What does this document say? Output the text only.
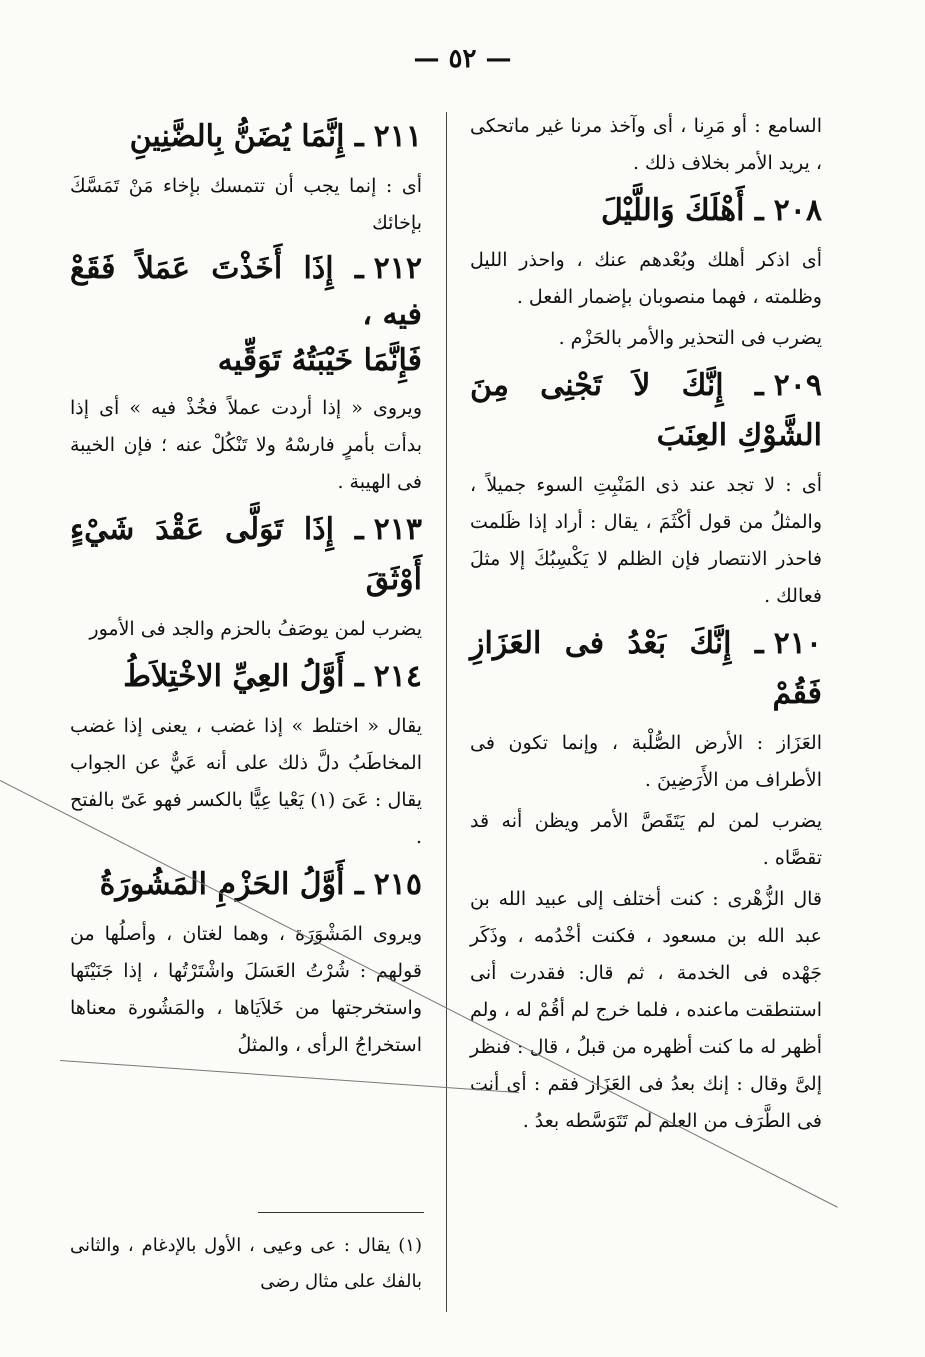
— ٥٢ —

السامع : أو مَرِنا ، أى وآخذ مرنا غير ماتحكى ، يريد الأمر بخلاف ذلك .

٢٠٨ـ أَهْلَكَ وَاللَّيْلَ

أى اذكر أهلك وبُعْدهم عنك ، واحذر الليل وظلمته ، فهما منصوبان بإضمار الفعل .

يضرب فى التحذير والأمر بالحَزْم .

٢٠٩ـ إِنَّكَ لاَ تَجْنِى مِنَ الشَّوْكِ العِنَبَ

أى : لا تجد عند ذى المَنْبِتِ السوء جميلاً ، والمثلُ من قول أكْثَمَ ، يقال : أراد إذا ظَلمت فاحذر الانتصار فإن الظلم لا يَكْسِبُكَ إلا مثلَ فعالك .

٢١٠ـ إِنَّكَ بَعْدُ فى العَزَازِ فَقُمْ

العَزَاز : الأرض الصُّلْبة ، وإنما تكون فى الأطراف من الأَرَضِينَ .

يضرب لمن لم يَتَقَصَّ الأمر ويظن أنه قد تقصَّاه .

قال الزُّهْرى : كنت أختلف إلى عبيد الله بن عبد الله بن مسعود ، فكنت أخْدُمه ، وذَكَر جَهْده فى الخدمة ، ثم قال: فقدرت أنى استنطقت ماعنده ، فلما خرج لم أقُمْ له ، ولم أظهر له ما كنت أظهره من قبلُ ، قال : فنظر إلىَّ وقال : إنك بعدُ فى العَزَاز فقم : أى أنت فى الطَّرَف من العلم لم تَتَوَسَّطه بعدُ .

٢١١ـ إِنَّمَا يُضَنُّ بِالضَّنِينِ

أى : إنما يجب أن تتمسك بإخاء مَنْ تَمَسَّكَ بإخائك

٢١٢ـ إِذَا أَخَذْتَ عَمَلاً فَقَعْ فيه ،
فَإِنَّمَا خَيْبَتُهُ تَوَقِّيه

ويروى « إذا أردت عملاً فخُذْ فيه » أى إذا بدأت بأمرٍ فارسْهُ ولا تَنْكُلْ عنه ؛ فإن الخيبة فى الهيبة .

٢١٣ـ إِذَا تَوَلَّى عَقْدَ شَيْءٍ أَوْثَقَ

يضرب لمن يوصَفُ بالحزم والجد فى الأمور

٢١٤ـ أَوَّلُ العِيِّ الاخْتِلاَطُ

يقال « اختلط » إذا غضب ، يعنى إذا غضب المخاطَبُ دلَّ ذلك على أنه عَيٌّ عن الجواب يقال : عَىَ (١) يَعْيا عِيًّا بالكسر فهو عَىّ بالفتح .

٢١٥ـ أَوَّلُ الحَزْمِ المَشُورَةُ

ويروى المَشْوَرَة ، وهما لغتان ، وأصلُها من قولهم : شُرْتُ العَسَلَ واشْتَرْتُها ، إذا جَنَيْتَها واستخرجتها من خَلاَيَاها ، والمَشُورة معناها استخراجُ الرأى ، والمثلُ

(١) يقال : عى وعيى ، الأول بالإدغام ، والثانى بالفك على مثال رضى
